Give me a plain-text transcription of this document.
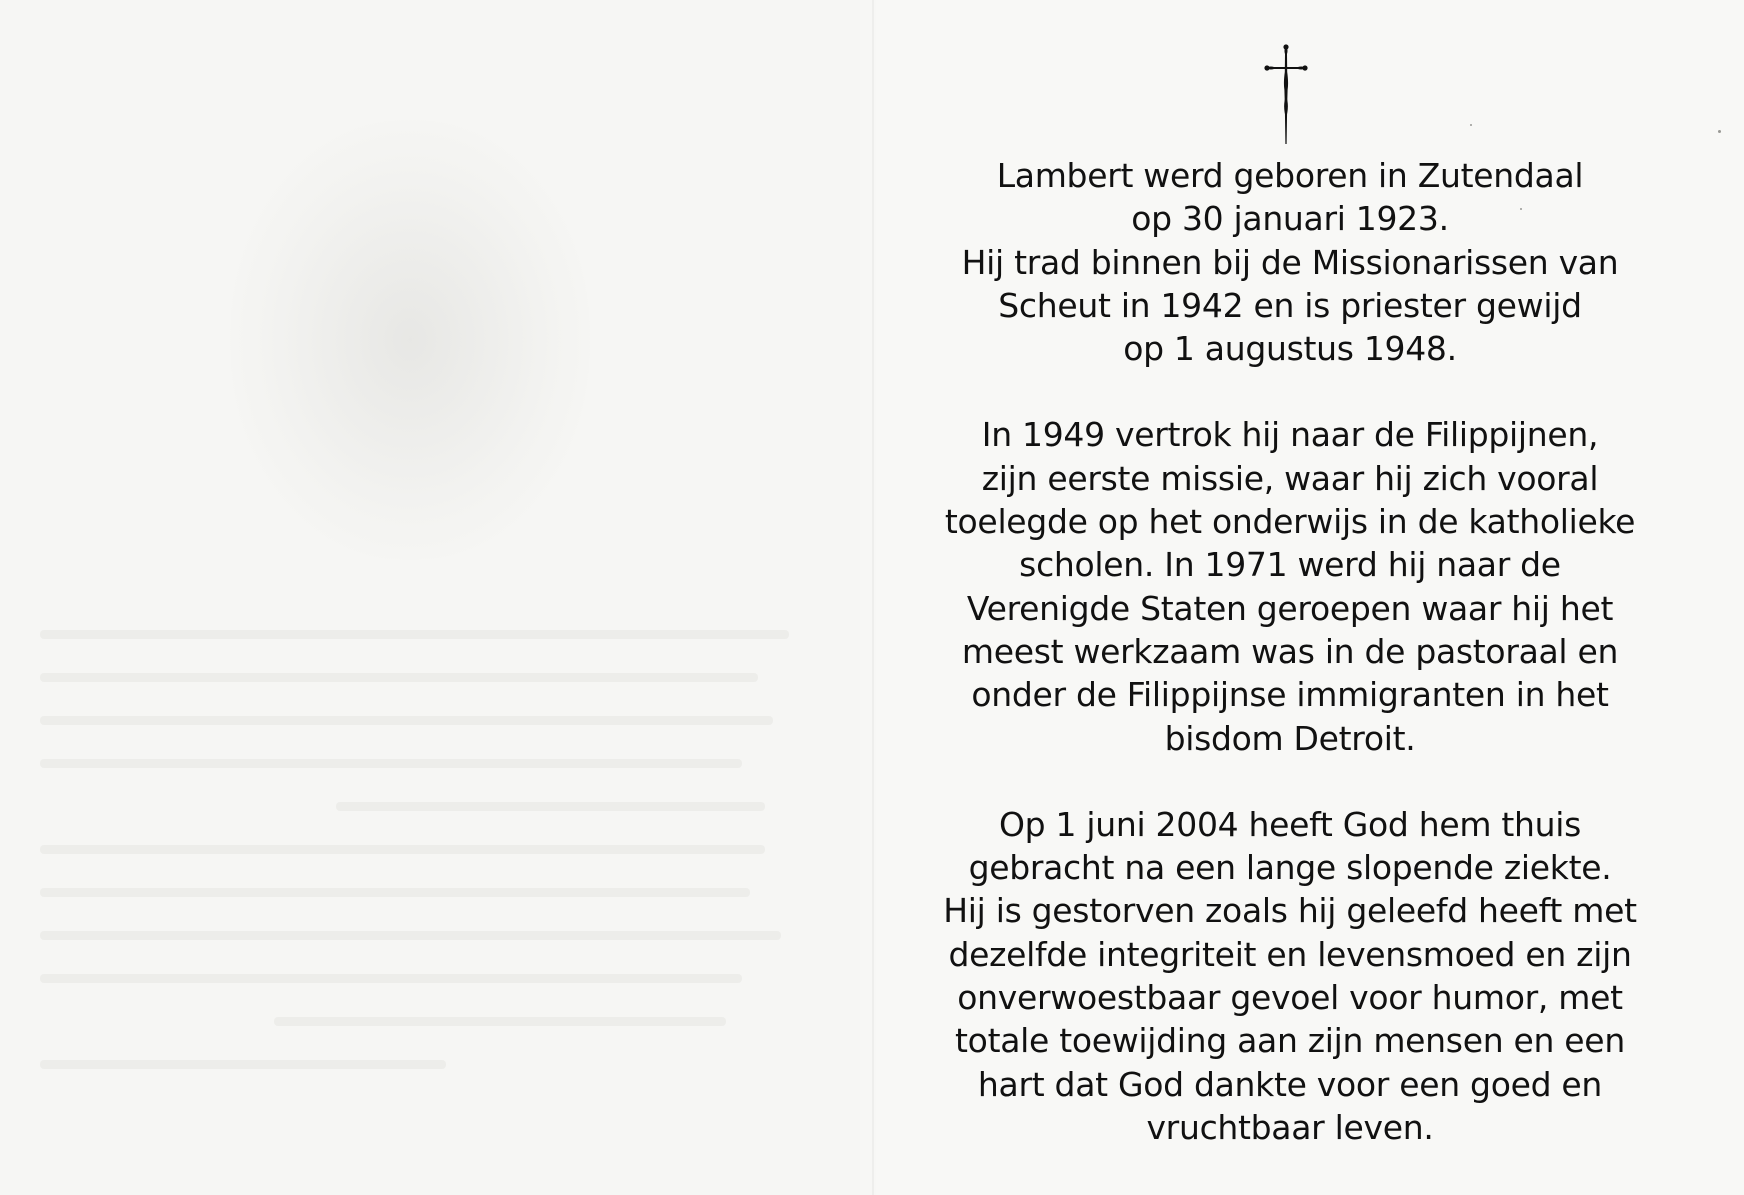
Lambert werd geboren in Zutendaal
op 30 januari 1923.
Hij trad binnen bij de Missionarissen van
Scheut in 1942 en is priester gewijd
op 1 augustus 1948.

In 1949 vertrok hij naar de Filippijnen,
zijn eerste missie, waar hij zich vooral
toelegde op het onderwijs in de katholieke
scholen. In 1971 werd hij naar de
Verenigde Staten geroepen waar hij het
meest werkzaam was in de pastoraal en
onder de Filippijnse immigranten in het
bisdom Detroit.

Op 1 juni 2004 heeft God hem thuis
gebracht na een lange slopende ziekte.
Hij is gestorven zoals hij geleefd heeft met
dezelfde integriteit en levensmoed en zijn
onverwoestbaar gevoel voor humor, met
totale toewijding aan zijn mensen en een
hart dat God dankte voor een goed en
vruchtbaar leven.
